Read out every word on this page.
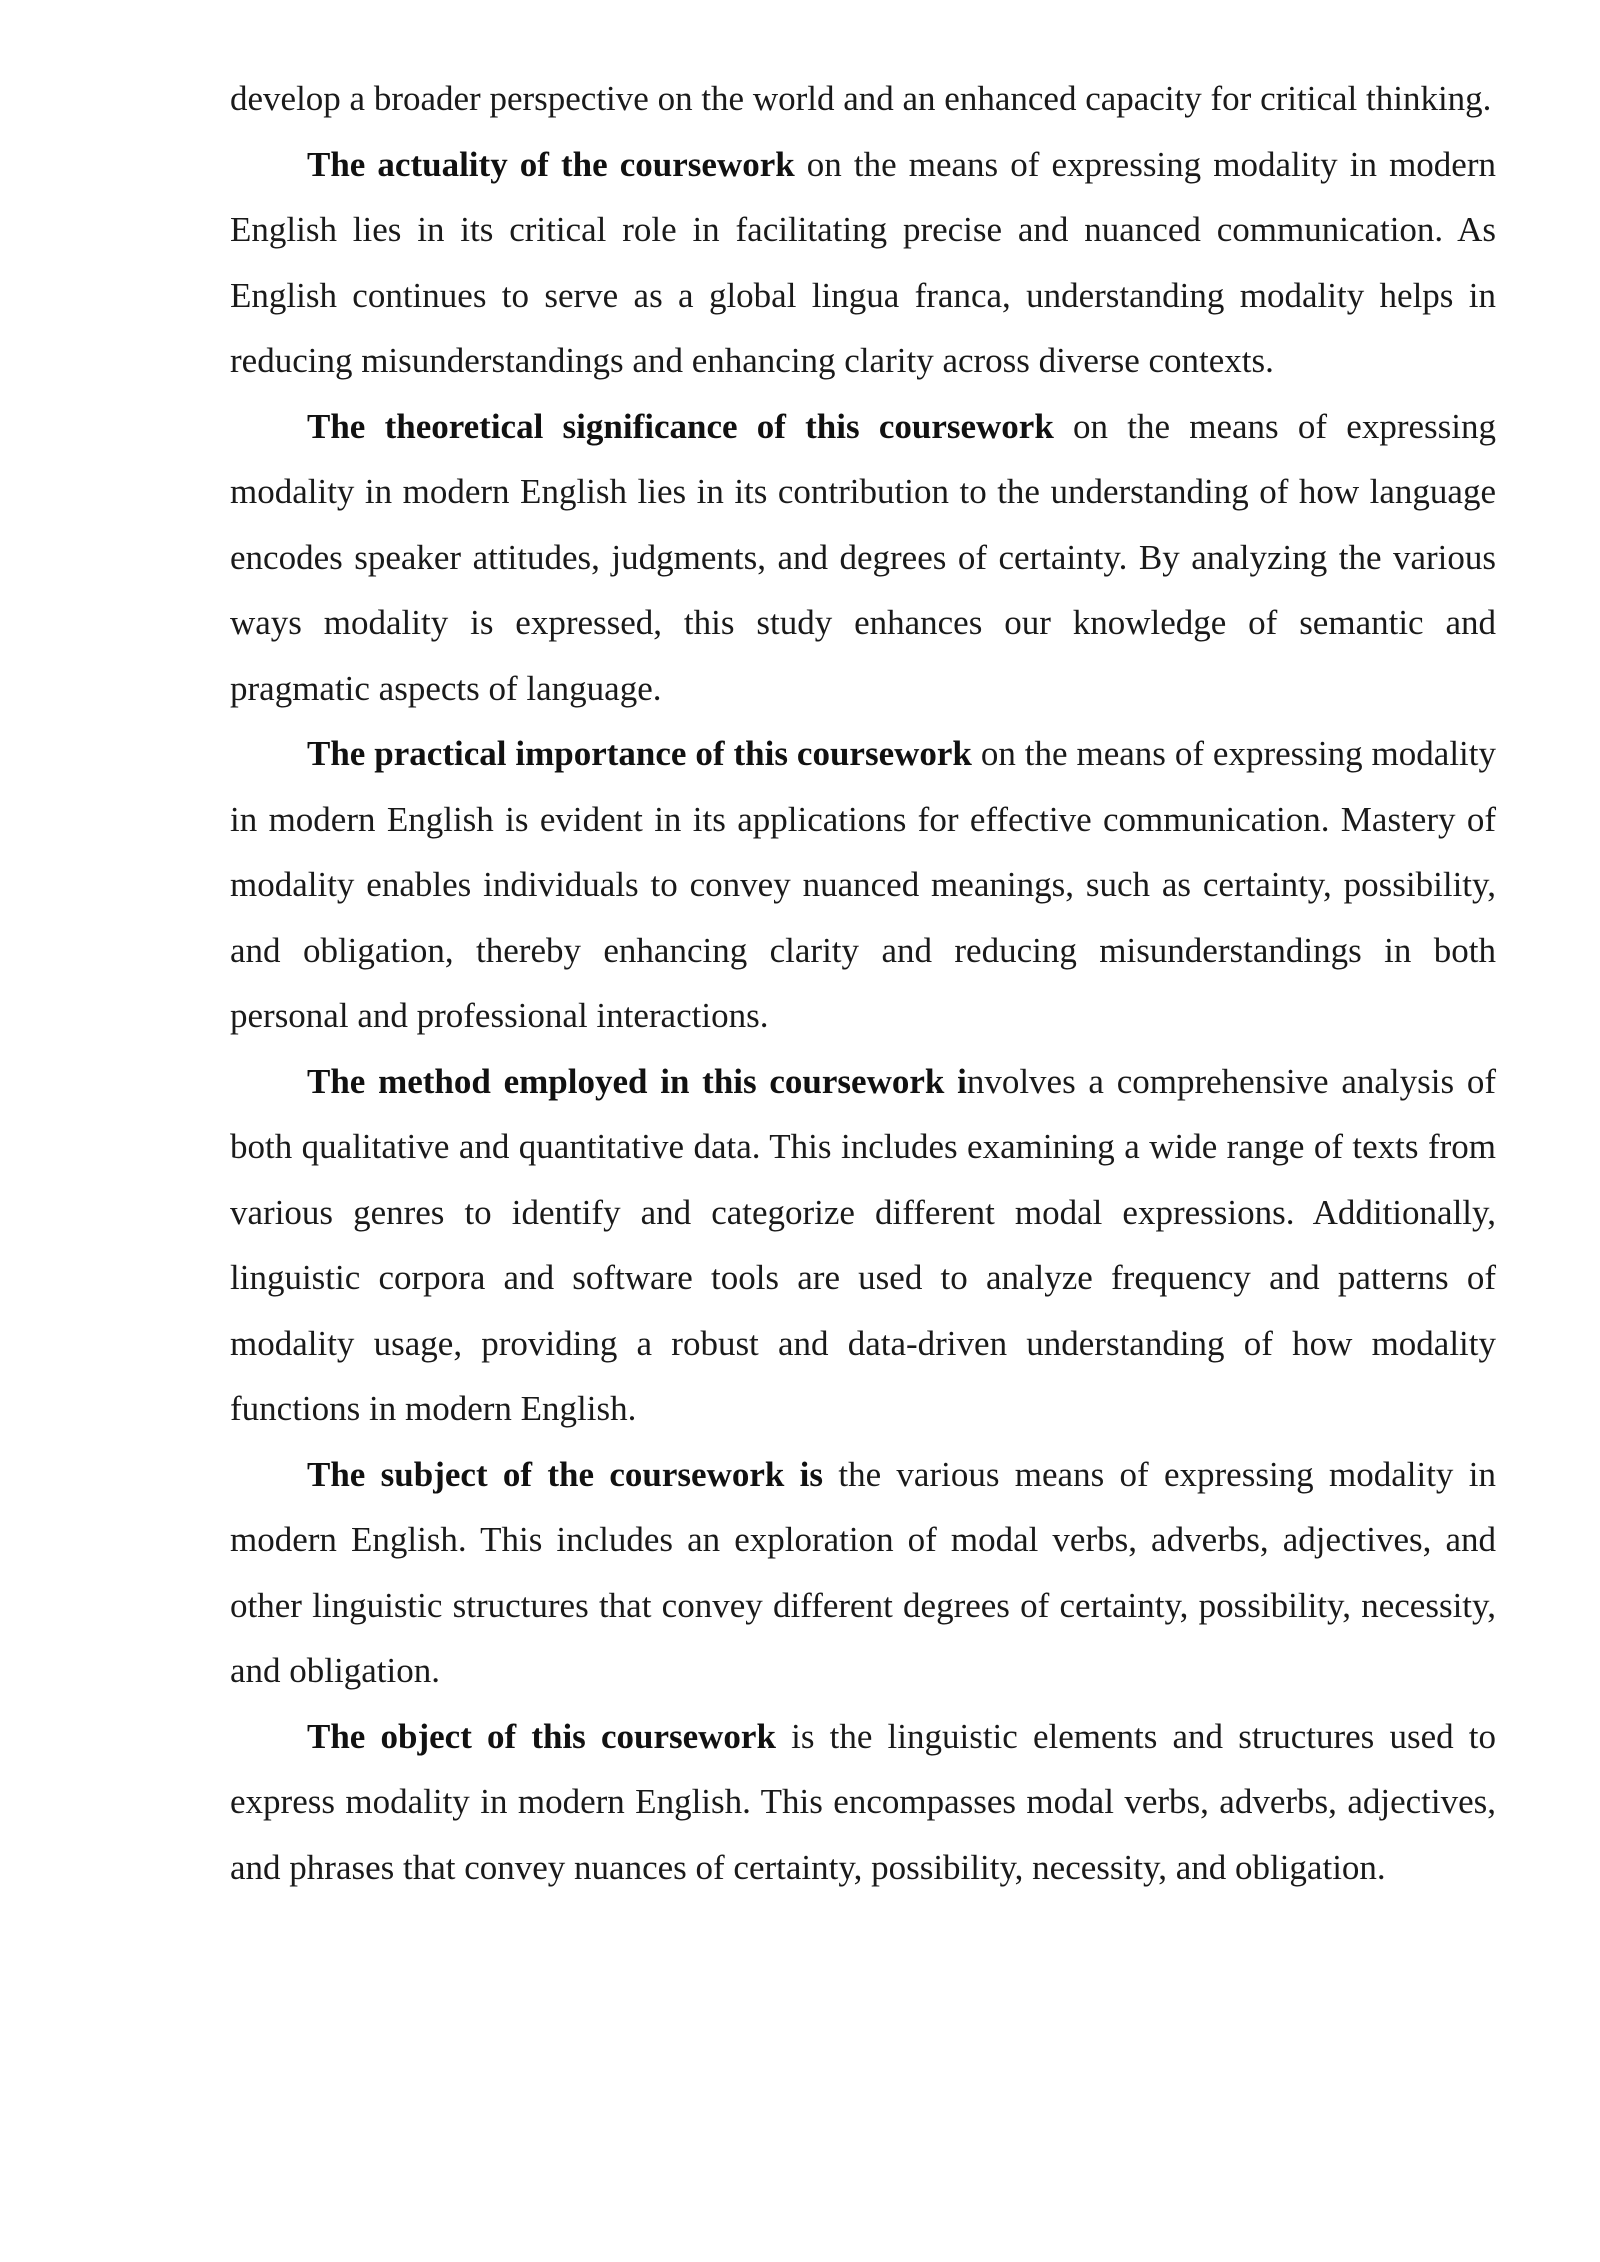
develop a broader perspective on the world and an enhanced capacity for critical thinking.

The actuality of the coursework on the means of expressing modality in modern English lies in its critical role in facilitating precise and nuanced communication. As English continues to serve as a global lingua franca, understanding modality helps in reducing misunderstandings and enhancing clarity across diverse contexts.

The theoretical significance of this coursework on the means of expressing modality in modern English lies in its contribution to the understanding of how language encodes speaker attitudes, judgments, and degrees of certainty. By analyzing the various ways modality is expressed, this study enhances our knowledge of semantic and pragmatic aspects of language.

The practical importance of this coursework on the means of expressing modality in modern English is evident in its applications for effective communication. Mastery of modality enables individuals to convey nuanced meanings, such as certainty, possibility, and obligation, thereby enhancing clarity and reducing misunderstandings in both personal and professional interactions.

The method employed in this coursework involves a comprehensive analysis of both qualitative and quantitative data. This includes examining a wide range of texts from various genres to identify and categorize different modal expressions. Additionally, linguistic corpora and software tools are used to analyze frequency and patterns of modality usage, providing a robust and data-driven understanding of how modality functions in modern English.

The subject of the coursework is the various means of expressing modality in modern English. This includes an exploration of modal verbs, adverbs, adjectives, and other linguistic structures that convey different degrees of certainty, possibility, necessity, and obligation.

The object of this coursework is the linguistic elements and structures used to express modality in modern English. This encompasses modal verbs, adverbs, adjectives, and phrases that convey nuances of certainty, possibility, necessity, and obligation.
